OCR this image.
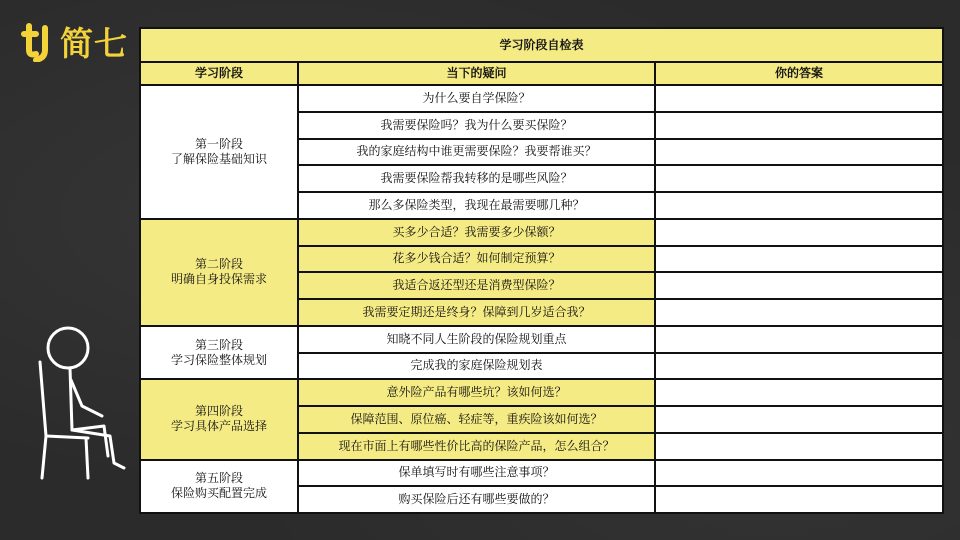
简七	学习阶段自检表		
学习阶段	当下的疑问	你的答案

第一阶段
了解保险基础知识	为什么要自学保险？	
	我需要保险吗？我为什么要买保险？	
	我的家庭结构中谁更需要保险？我要帮谁买？	
	我需要保险帮我转移的是哪些风险？	
	那么多保险类型，我现在最需要哪几种？	

第二阶段
明确自身投保需求	买多少合适？我需要多少保额？	
	花多少钱合适？如何制定预算？	
	我适合返还型还是消费型保险？	
	我需要定期还是终身？保障到几岁适合我？	

第三阶段
学习保险整体规划	知晓不同人生阶段的保险规划重点	
	完成我的家庭保险规划表	

第四阶段
学习具体产品选择	意外险产品有哪些坑？该如何选？	
	保障范围、原位癌、轻症等，重疾险该如何选？	
	现在市面上有哪些性价比高的保险产品，怎么组合？	

第五阶段
保险购买配置完成	保单填写时有哪些注意事项？	
	购买保险后还有哪些要做的？	
